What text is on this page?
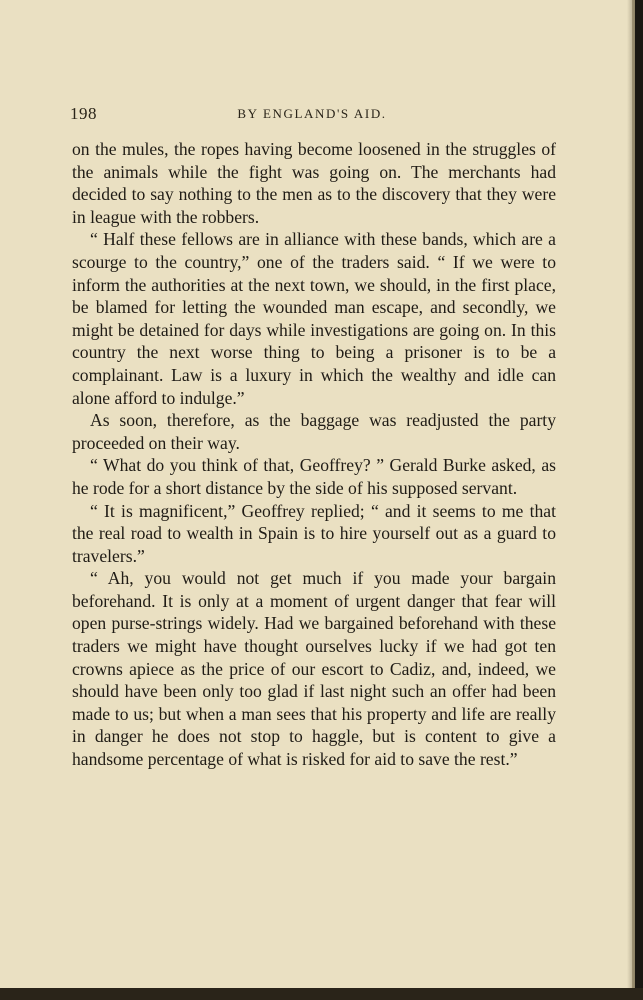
198	BY ENGLAND'S AID.

on the mules, the ropes having become loosened in the struggles of the animals while the fight was going on. The merchants had decided to say nothing to the men as to the discovery that they were in league with the robbers.

“ Half these fellows are in alliance with these bands, which are a scourge to the country,” one of the traders said. “ If we were to inform the authorities at the next town, we should, in the first place, be blamed for letting the wounded man escape, and secondly, we might be detained for days while investigations are going on. In this country the next worse thing to being a prisoner is to be a complainant. Law is a luxury in which the wealthy and idle can alone afford to indulge.”

As soon, therefore, as the baggage was readjusted the party proceeded on their way.

“ What do you think of that, Geoffrey? ” Gerald Burke asked, as he rode for a short distance by the side of his supposed servant.

“ It is magnificent,” Geoffrey replied; “ and it seems to me that the real road to wealth in Spain is to hire yourself out as a guard to travelers.”

“ Ah, you would not get much if you made your bargain beforehand. It is only at a moment of urgent danger that fear will open purse-strings widely. Had we bargained beforehand with these traders we might have thought ourselves lucky if we had got ten crowns apiece as the price of our escort to Cadiz, and, indeed, we should have been only too glad if last night such an offer had been made to us; but when a man sees that his property and life are really in danger he does not stop to haggle, but is content to give a handsome percentage of what is risked for aid to save the rest.”
